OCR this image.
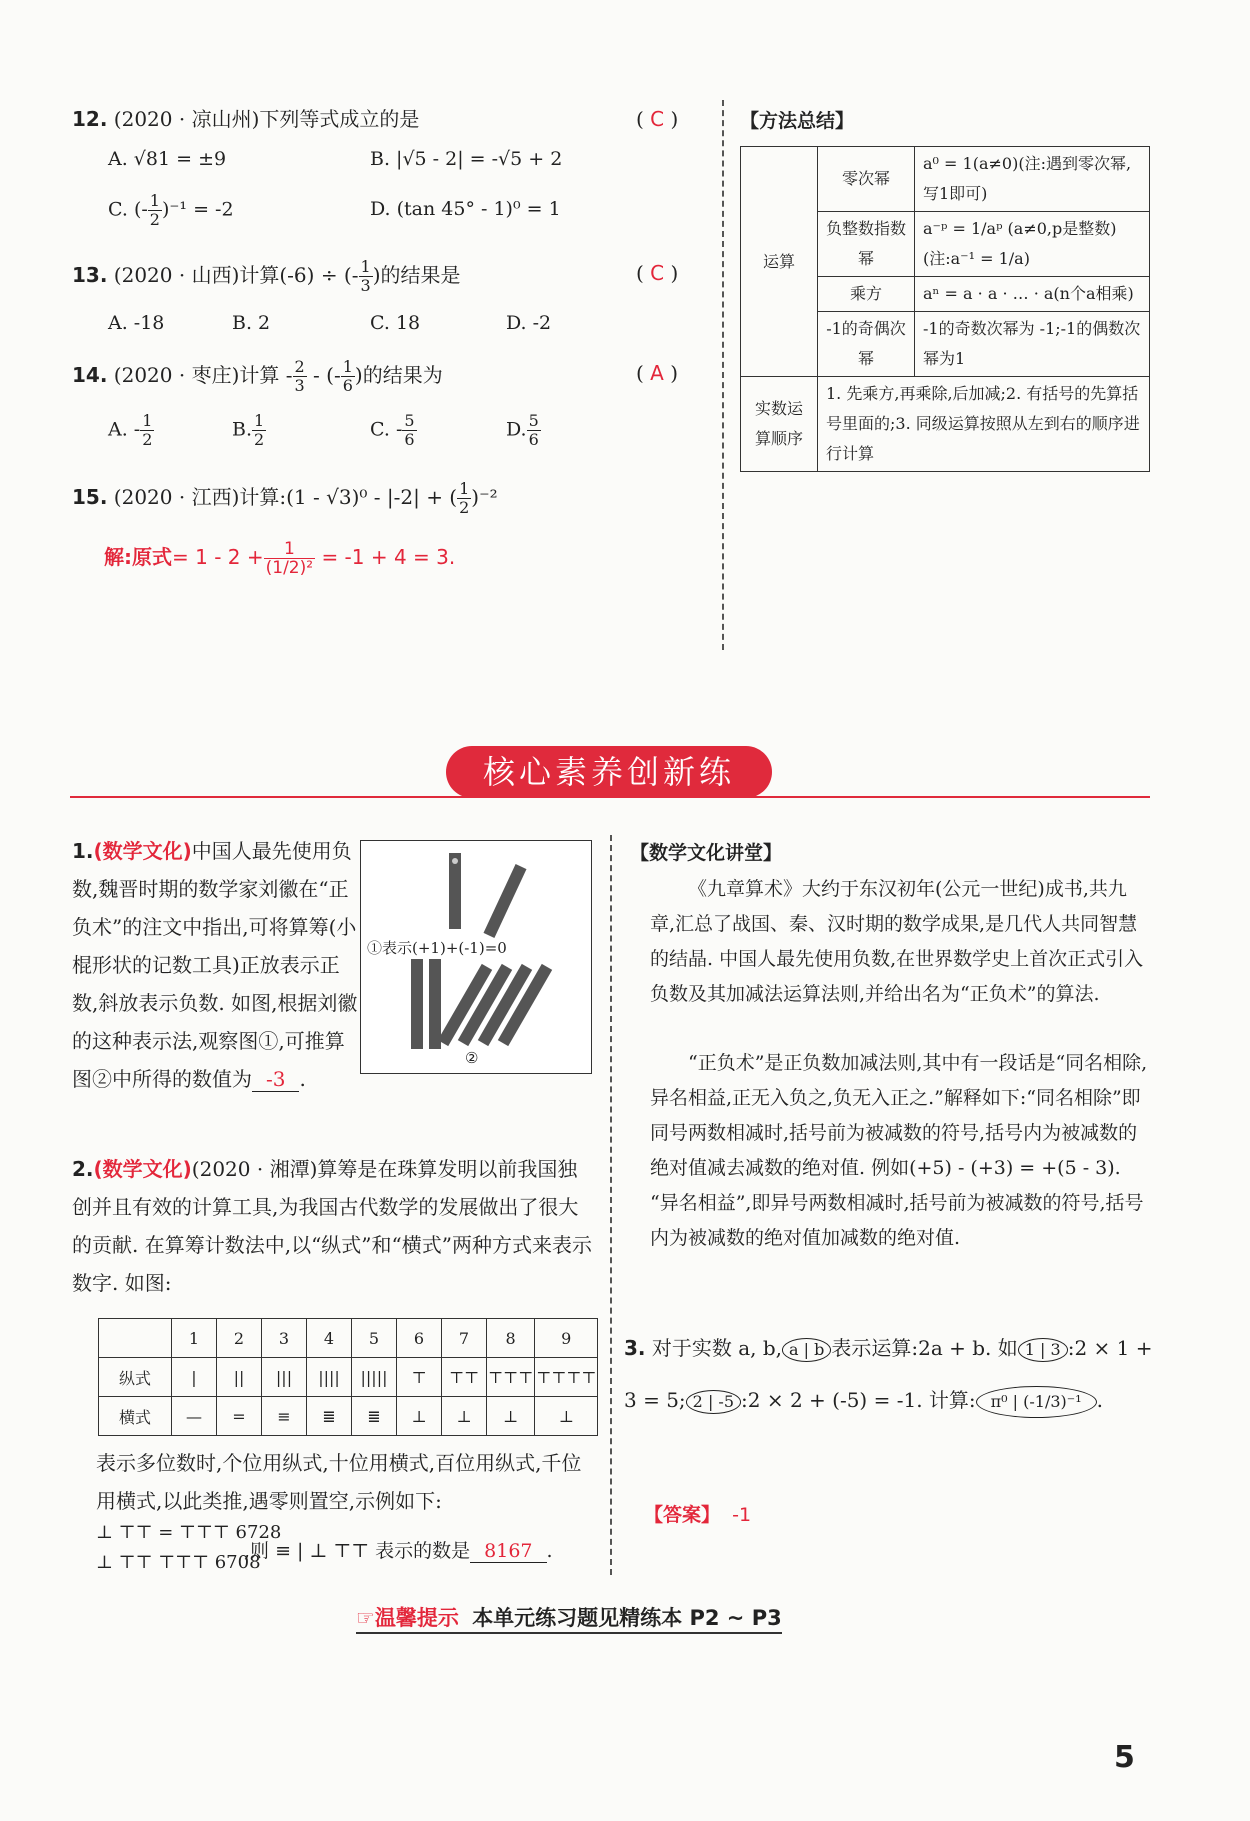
12. (2020 · 凉山州)下列等式成立的是	( C )
A. √81 = ±9	B. |√5 - 2| = -√5 + 2
C. (- $\frac{1}{2} )^{-1} = -2$	D. (tan 45° - 1)⁰ = 1
13. (2020 · 山西)计算(-6) ÷ (- $\frac{1}{3}$ )的结果是	( C )
A. -18	B. 2	C. 18	D. -2
14. (2020 · 枣庄)计算 - $\frac{2}{3}$ - (- $\frac{1}{6}$ )的结果为	( A )
A. - $\frac{1}{2}$	B. $\frac{1}{2}$	C. - $\frac{5}{6}$	D. $\frac{5}{6}$
15. (2020 · 江西)计算:(1 - √3)⁰ - |-2| + ( $\frac{1}{2} )^{-2}$
解:原式= $1 - 2 + \frac{1}{\text{(1/2)²}} = -1 + 4 = 3$.
【方法总结】
运算	零次幂	a⁰ = 1(a≠0)(注:遇到零次幂,写1即可)
	负整数指数幂	a⁻ᵖ = 1/aᵖ (a≠0,p是整数)(注:a⁻¹ = 1/a)
	乘方	aⁿ = a · a · … · a(n个a相乘)
	-1的奇偶次幂	-1的奇数次幂为 -1;-1的偶数次幂为1
实数运算顺序	1. 先乘方,再乘除,后加减;2. 有括号的先算括号里面的;3. 同级运算按照从左到右的顺序进行计算	
核心素养创新练
1.(数学文化)中国人最先使用负数,魏晋时期的数学家刘徽在“正负术”的注文中指出,可将算筹(小棍形状的记数工具)正放表示正数,斜放表示负数. 如图,根据刘徽的这种表示法,观察图①,可推算图②中所得的数值为 -3 .
①表示(+1)+(-1)=0
②
2.(数学文化)(2020 · 湘潭)算筹是在珠算发明以前我国独创并且有效的计算工具,为我国古代数学的发展做出了很大的贡献. 在算筹计数法中,以“纵式”和“横式”两种方式来表示数字. 如图:
	1	2	3	4	5	6	7	8	9
纵式	|	||	|||	||||	|||||	⊤	⊤⊤	⊤⊤⊤	⊤⊤⊤⊤
横式	—	=	≡	≣	≣	⊥	⊥	⊥	⊥
表示多位数时,个位用纵式,十位用横式,百位用纵式,千位用横式,以此类推,遇零则置空,示例如下:
⊥ ⊤⊤ = ⊤⊤⊤ 6728
⊥ ⊤⊤ ⊤⊤⊤ 6708
,则 ≡ | ⊥ ⊤⊤ 表示的数是 8167 .
【数学文化讲堂】
《九章算术》大约于东汉初年(公元一世纪)成书,共九章,汇总了战国、秦、汉时期的数学成果,是几代人共同智慧的结晶. 中国人最先使用负数,在世界数学史上首次正式引入负数及其加减法运算法则,并给出名为“正负术”的算法.
“正负术”是正负数加减法则,其中有一段话是“同名相除,异名相益,正无入负之,负无入正之.”解释如下:“同名相除”即同号两数相减时,括号前为被减数的符号,括号内为被减数的绝对值减去减数的绝对值. 例如(+5) - (+3) = +(5 - 3). “异名相益”,即异号两数相减时,括号前为被减数的符号,括号内为被减数的绝对值加减数的绝对值.
3. 对于实数 a, b, a | b 表示运算:2a + b. 如 1 | 3 :2 × 1 + 3 = 5; 2 | -5 :2 × 2 + (-5) = -1. 计算: π⁰ | (-1/3)⁻¹ .
【答案】 -1
☞温馨提示 本单元练习题见精练本 P2 ~ P3
5
